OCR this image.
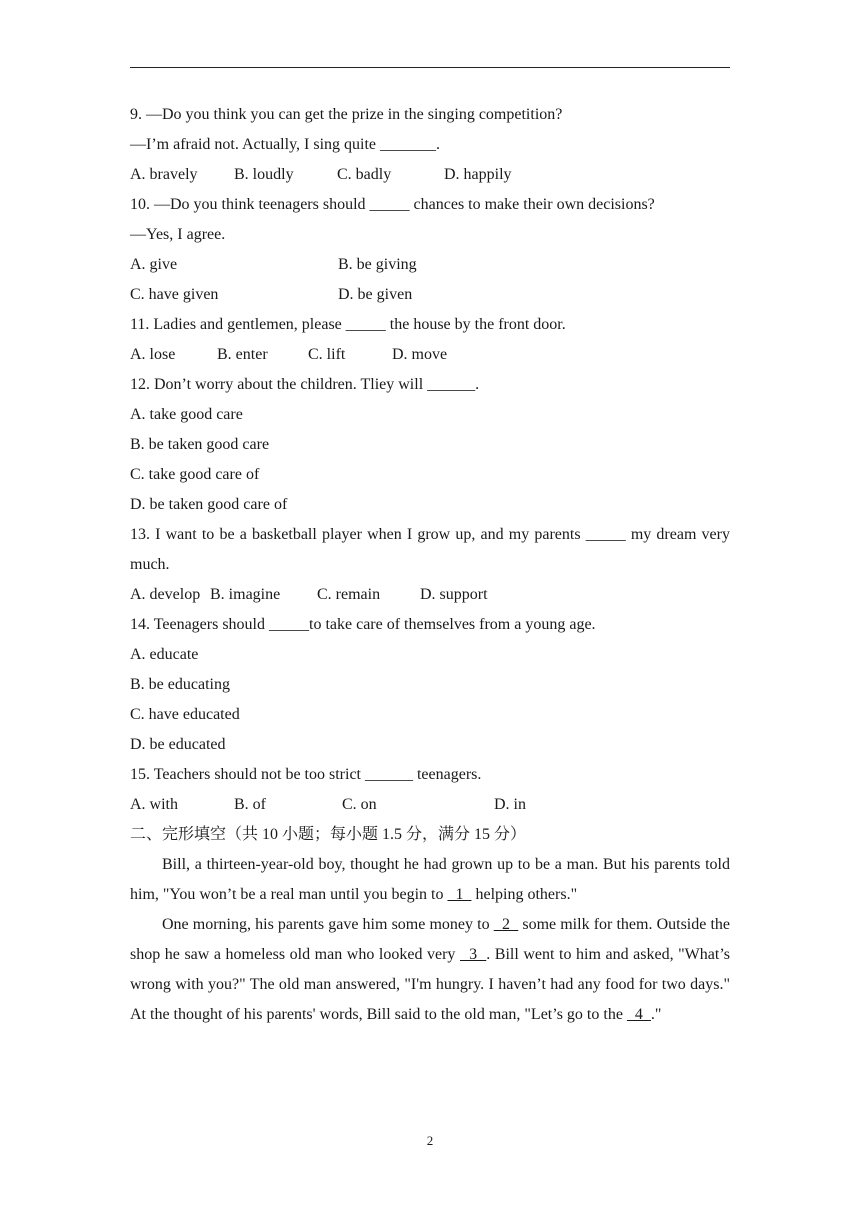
9. —Do you think you can get the prize in the singing competition?
—I’m afraid not. Actually, I sing quite _______.
A. bravely B. loudly	C. badly	D. happily
10. —Do you think teenagers should _____ chances to make their own decisions?
—Yes, I agree.
A. give	B. be giving
C. have given	D. be given
11. Ladies and gentlemen, please _____ the house by the front door.
A. lose	B. enter	C. lift	D. move
12. Don’t worry about the children. Tliey will ______.
A. take good care
B. be taken good care
C. take good care of
D. be taken good care of
13. I want to be a basketball player when I grow up, and my parents _____ my dream very much.
A. develop B. imagine C. remain D. support
14. Teenagers should _____to take care of themselves from a young age.
A. educate
B. be educating
C. have educated
D. be educated
15. Teachers should not be too strict ______ teenagers.
A. with	B. of	C. on	D. in
二、完形填空（共 10 小题；每小题 1.5 分，满分 15 分）
Bill, a thirteen-year-old boy, thought he had grown up to be a man. But his parents told him, "You won’t be a real man until you begin to   1   helping others."
One morning, his parents gave him some money to   2   some milk for them. Outside the shop he saw a homeless old man who looked very   3  . Bill went to him and asked, "What’s wrong with you?" The old man answered, "I'm hungry. I haven’t had any food for two days." At the thought of his parents' words, Bill said to the old man, "Let’s go to the   4  ."
2
